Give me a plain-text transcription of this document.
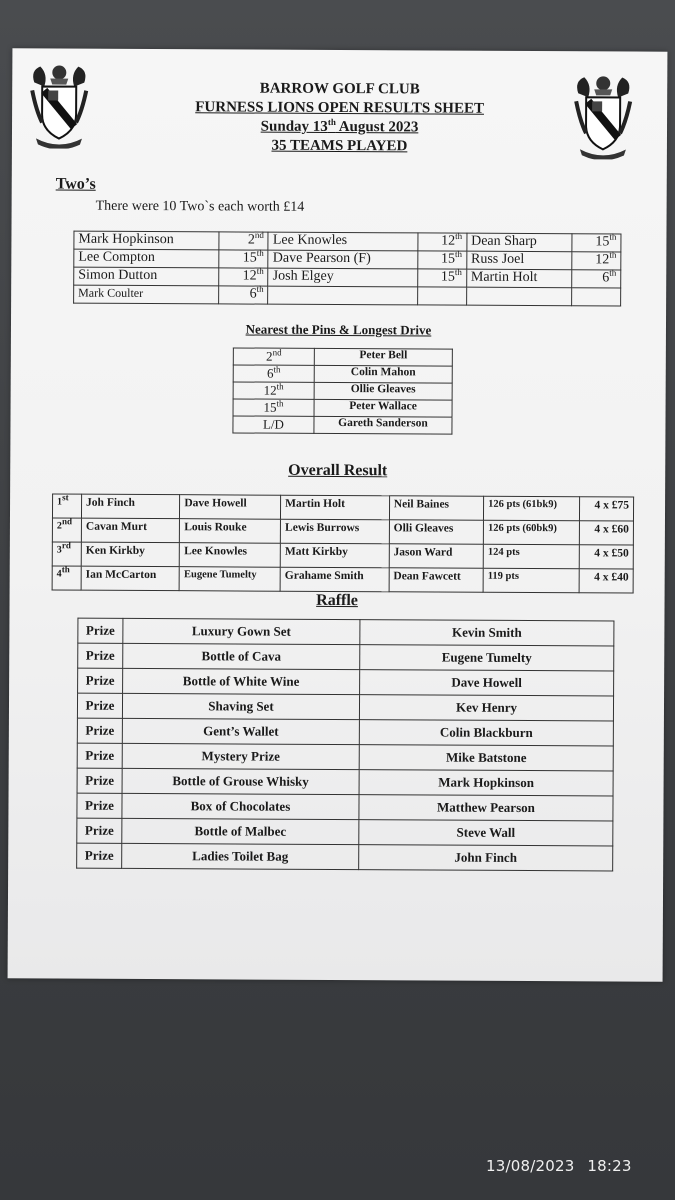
BARROW GOLF CLUB
FURNESS LIONS OPEN RESULTS SHEET
Sunday 13th August 2023
35 TEAMS PLAYED
Two’s
There were 10 Two`s each worth £14
Mark Hopkinson	2nd	Lee Knowles	12th	Dean Sharp	15th
Lee Compton	15th	Dave Pearson (F)	15th	Russ Joel	12th
Simon Dutton	12th	Josh Elgey	15th	Martin Holt	6th
Mark Coulter	6th				
Nearest the Pins & Longest Drive
2nd	Peter Bell
6th	Colin Mahon
12th	Ollie Gleaves
15th	Peter Wallace
L/D	Gareth Sanderson
Overall Result
1st	Joh Finch	Dave Howell	Martin Holt	Neil Baines	126 pts (61bk9)	4 x £75
2nd	Cavan Murt	Louis Rouke	Lewis Burrows	Olli Gleaves	126 pts (60bk9)	4 x £60
3rd	Ken Kirkby	Lee Knowles	Matt Kirkby	Jason Ward	124 pts	4 x £50
4th	Ian McCarton	Eugene Tumelty	Grahame Smith	Dean Fawcett	119 pts	4 x £40
Raffle
Prize	Luxury Gown Set	Kevin Smith
Prize	Bottle of Cava	Eugene Tumelty
Prize	Bottle of White Wine	Dave Howell
Prize	Shaving Set	Kev Henry
Prize	Gent’s Wallet	Colin Blackburn
Prize	Mystery Prize	Mike Batstone
Prize	Bottle of Grouse Whisky	Mark Hopkinson
Prize	Box of Chocolates	Matthew Pearson
Prize	Bottle of Malbec	Steve Wall
Prize	Ladies Toilet Bag	John Finch
13/08/2023 18:23
